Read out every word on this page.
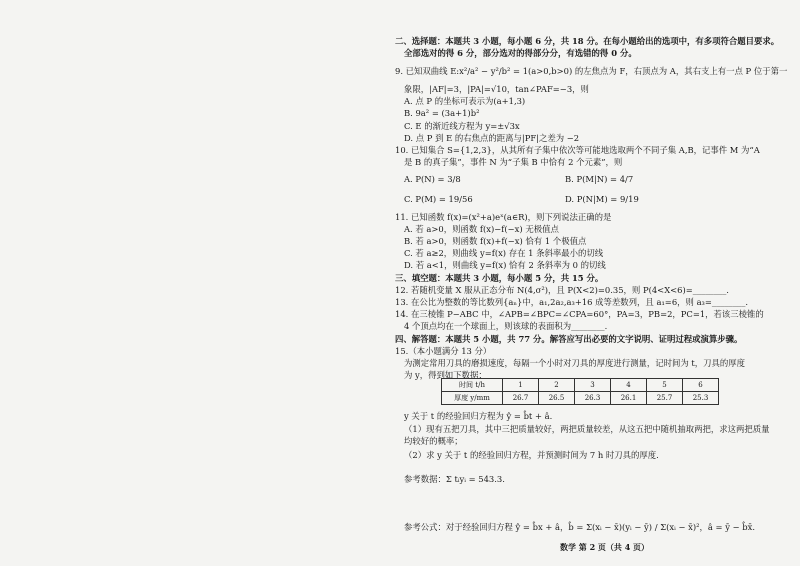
二、选择题：本题共 3 小题，每小题 6 分，共 18 分。在每小题给出的选项中，有多项符合题目要求。
全部选对的得 6 分，部分选对的得部分分，有选错的得 0 分。
9. 已知双曲线 E:x²/a² − y²/b² = 1(a>0,b>0) 的左焦点为 F，右顶点为 A，其右支上有一点 P 位于第一
象限，|AF|=3，|PA|=√10，tan∠PAF=−3，则
A. 点 P 的坐标可表示为(a+1,3)
B. 9a² = (3a+1)b²
C. E 的渐近线方程为 y=±√3x
D. 点 P 到 E 的右焦点的距离与|PF|之差为 −2
10. 已知集合 S={1,2,3}，从其所有子集中依次等可能地选取两个不同子集 A,B，记事件 M 为“A
是 B 的真子集”，事件 N 为“子集 B 中恰有 2 个元素”，则
A. P(N) = 3/8	B. P(M|N) = 4/7
C. P(M) = 19/56	D. P(N|M) = 9/19
11. 已知函数 f(x)=(x²+a)eˣ(a∈R)，则下列说法正确的是
A. 若 a>0，则函数 f(x)−f(−x) 无极值点
B. 若 a>0，则函数 f(x)+f(−x) 恰有 1 个极值点
C. 若 a≥2，则曲线 y=f(x) 存在 1 条斜率最小的切线
D. 若 a<1，则曲线 y=f(x) 恰有 2 条斜率为 0 的切线
三、填空题：本题共 3 小题，每小题 5 分，共 15 分。
12. 若随机变量 X 服从正态分布 N(4,σ²)，且 P(X<2)=0.35，则 P(4<X<6)=________.
13. 在公比为整数的等比数列{aₙ}中，a₁,2a₂,a₃+16 成等差数列，且 a₁=6，则 a₃=________.
14. 在三棱锥 P−ABC 中，∠APB=∠BPC=∠CPA=60°，PA=3，PB=2，PC=1，若该三棱锥的
4 个顶点均在一个球面上，则该球的表面积为________.
四、解答题：本题共 5 小题，共 77 分。解答应写出必要的文字说明、证明过程或演算步骤。
15.（本小题满分 13 分）
为测定常用刀具的磨损速度，每隔一个小时对刀具的厚度进行测量，记时间为 t，刀具的厚度
为 y，得到如下数据：
y 关于 t 的经验回归方程为 ŷ = b̂t + â.
（1）现有五把刀具，其中三把质量较好，两把质量较差，从这五把中随机抽取两把，求这两把质量
均较好的概率；
（2）求 y 关于 t 的经验回归方程，并预测时间为 7 h 时刀具的厚度.
参考数据：Σ tᵢyᵢ = 543.3.
参考公式：对于经验回归方程 ŷ = b̂x + â，b̂ = Σ(xᵢ − x̄)(yᵢ − ȳ) / Σ(xᵢ − x̄)²，â = ȳ − b̂x̄.
时间 t/h	1	2	3	4	5	6
厚度 y/mm	26.7	26.5	26.3	26.1	25.7	25.3
数学 第 2 页（共 4 页）
